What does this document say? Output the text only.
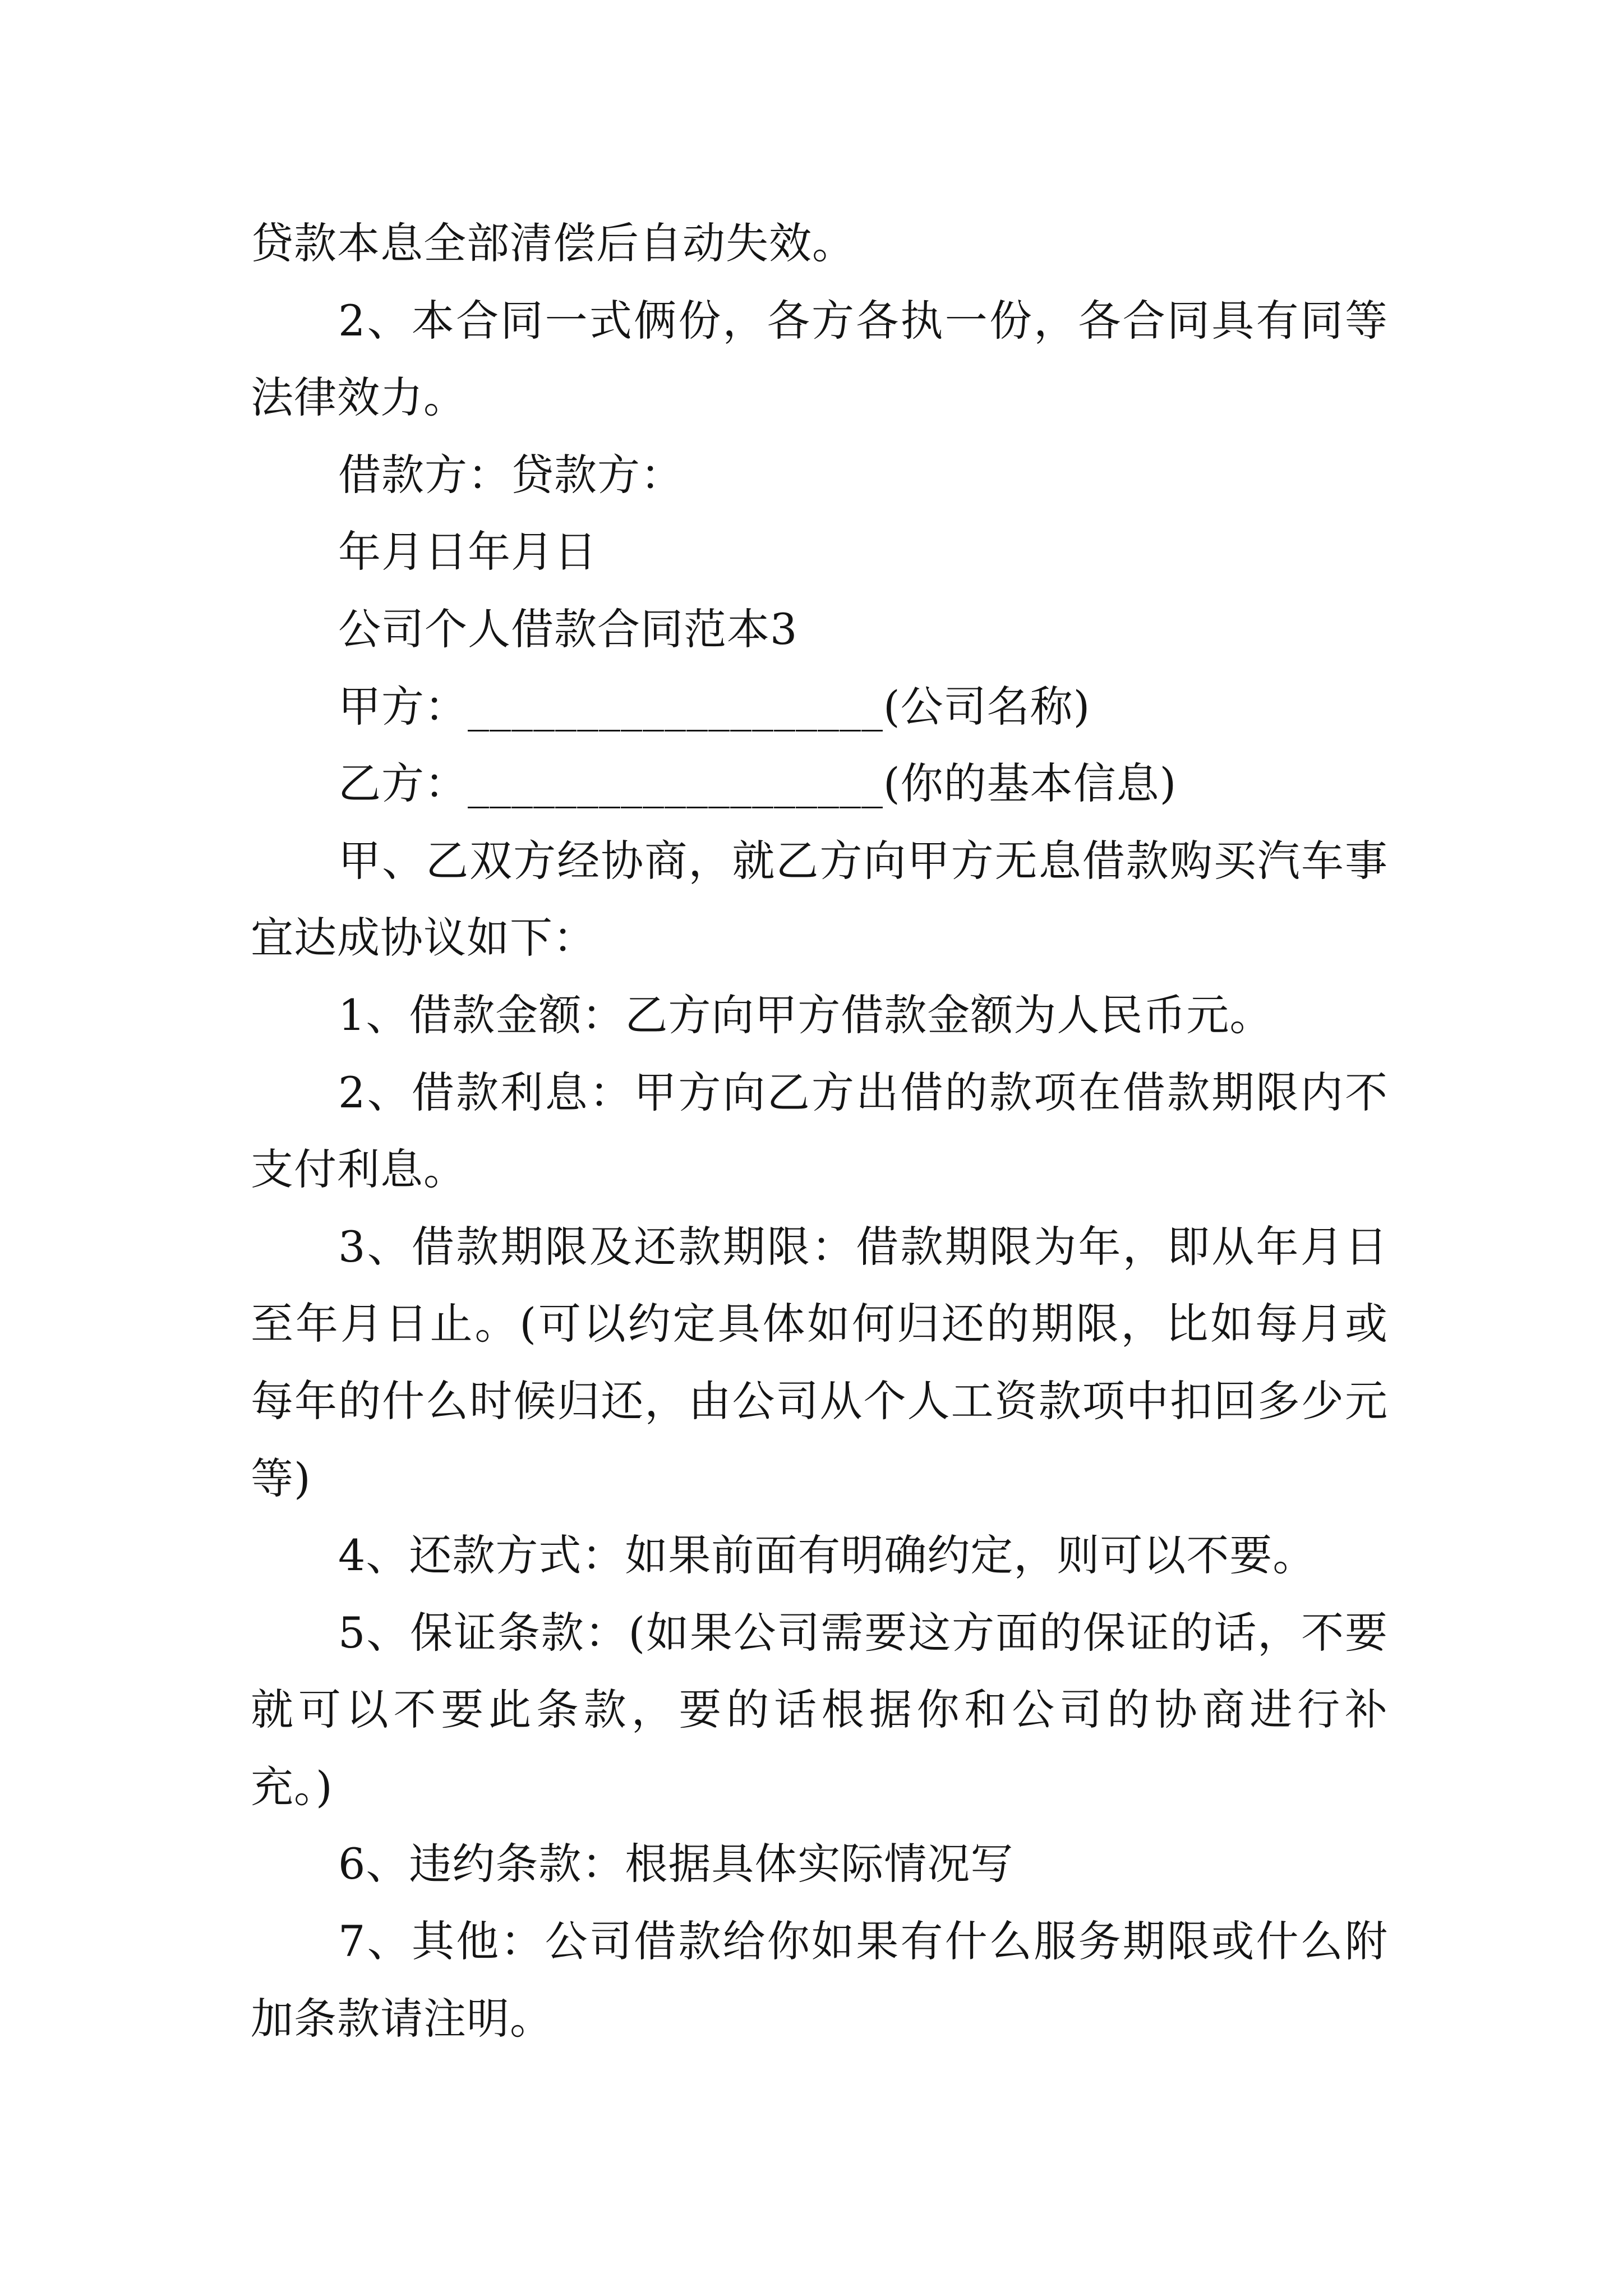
贷款本息全部清偿后自动失效。
2、本合同一式俩份，各方各执一份，各合同具有同等
法律效力。
借款方：贷款方：
年月日年月日
公司个人借款合同范本3
甲方：___________________(公司名称)
乙方：___________________(你的基本信息)
甲、乙双方经协商，就乙方向甲方无息借款购买汽车事
宜达成协议如下：
1、借款金额：乙方向甲方借款金额为人民币元。
2、借款利息：甲方向乙方出借的款项在借款期限内不
支付利息。
3、借款期限及还款期限：借款期限为年，即从年月日
至年月日止。(可以约定具体如何归还的期限，比如每月或
每年的什么时候归还，由公司从个人工资款项中扣回多少元
等)
4、还款方式：如果前面有明确约定，则可以不要。
5、保证条款：(如果公司需要这方面的保证的话，不要
就可以不要此条款，要的话根据你和公司的协商进行补
充。)
6、违约条款：根据具体实际情况写
7、其他：公司借款给你如果有什么服务期限或什么附
加条款请注明。
